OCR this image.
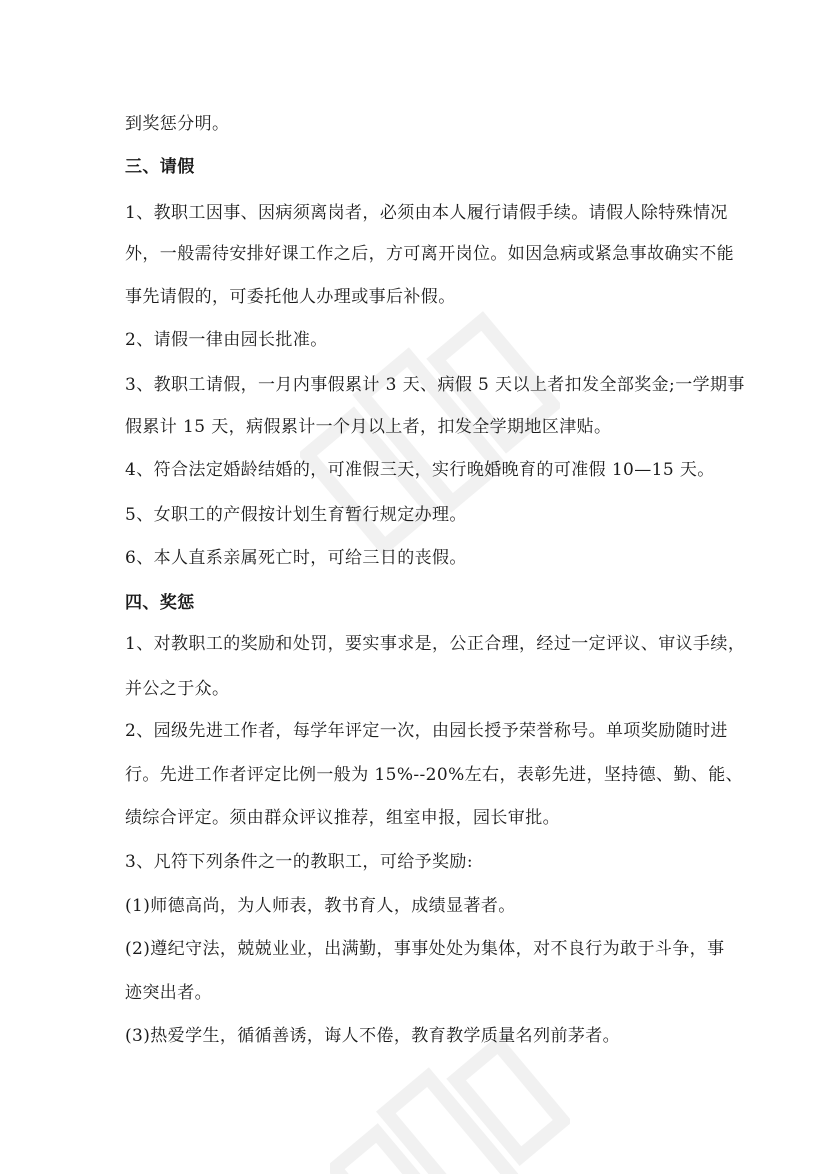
到奖惩分明。
三、请假
1、教职工因事、因病须离岗者，必须由本人履行请假手续。请假人除特殊情况
外，一般需待安排好课工作之后，方可离开岗位。如因急病或紧急事故确实不能
事先请假的，可委托他人办理或事后补假。
2、请假一律由园长批准。
3、教职工请假，一月内事假累计 3 天、病假 5 天以上者扣发全部奖金;一学期事
假累计 15 天，病假累计一个月以上者，扣发全学期地区津贴。
4、符合法定婚龄结婚的，可准假三天，实行晚婚晚育的可准假 10—15 天。
5、女职工的产假按计划生育暂行规定办理。
6、本人直系亲属死亡时，可给三日的丧假。
四、奖惩
1、对教职工的奖励和处罚，要实事求是，公正合理，经过一定评议、审议手续，
并公之于众。
2、园级先进工作者，每学年评定一次，由园长授予荣誉称号。单项奖励随时进
行。先进工作者评定比例一般为 15%--20%左右，表彰先进，坚持德、勤、能、
绩综合评定。须由群众评议推荐，组室申报，园长审批。
3、凡符下列条件之一的教职工，可给予奖励:
(1)师德高尚，为人师表，教书育人，成绩显著者。
(2)遵纪守法，兢兢业业，出满勤，事事处处为集体，对不良行为敢于斗争，事
迹突出者。
(3)热爱学生，循循善诱，诲人不倦，教育教学质量名列前茅者。
